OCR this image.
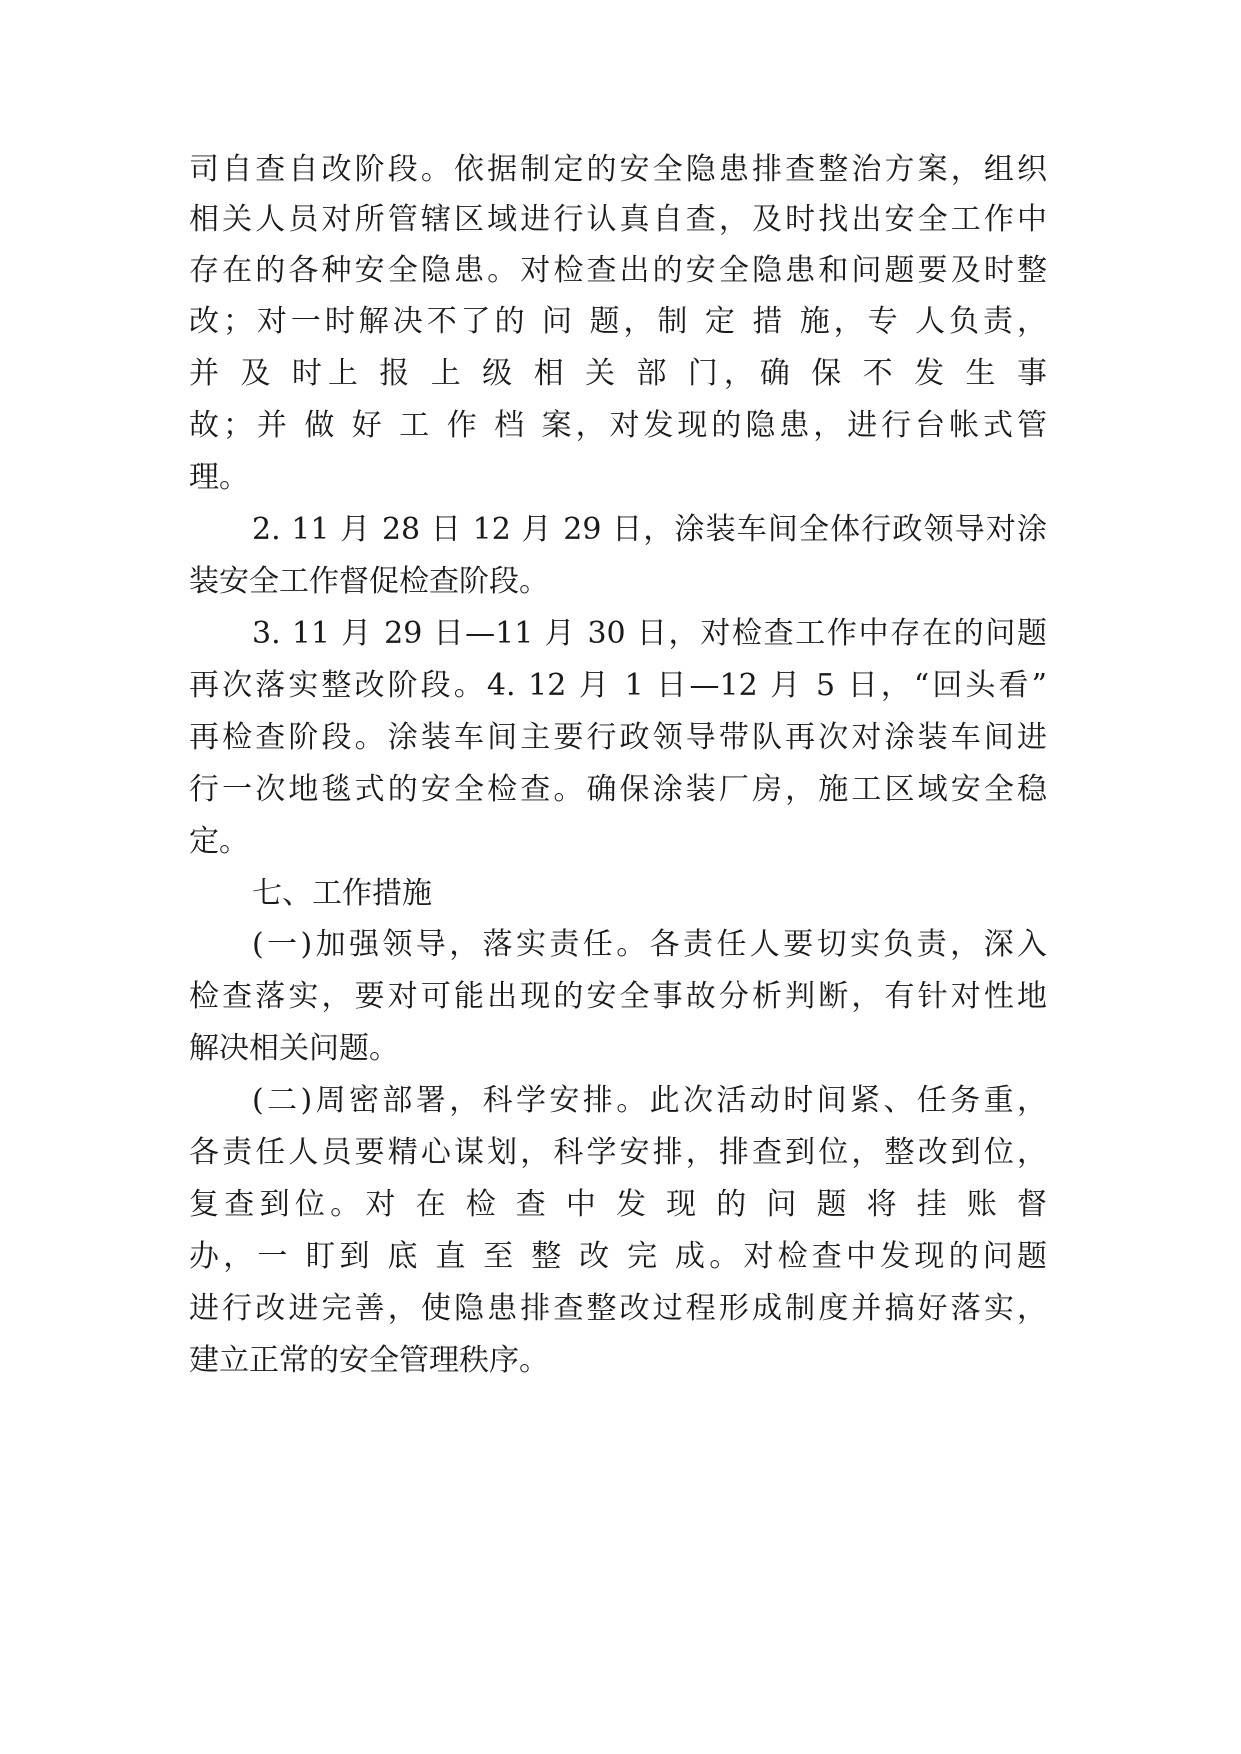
司自查自改阶段。依据制定的安全隐患排查整治方案，组织
相关人员对所管辖区域进行认真自查，及时找出安全工作中
存在的各种安全隐患。对检查出的安全隐患和问题要及时整
改；对一时解决不了的 问 题，制 定 措 施，专 人负责，
并 及 时上 报 上 级 相 关 部 门，确 保 不 发 生 事
故；并 做 好 工 作 档 案，对发现的隐患，进行台帐式管
理。
2. 11 月 28 日 12 月 29 日，涂装车间全体行政领导对涂
装安全工作督促检查阶段。
3. 11 月 29 日—11 月 30 日，对检查工作中存在的问题
再次落实整改阶段。4. 12 月 1 日—12 月 5 日，“回头看”
再检查阶段。涂装车间主要行政领导带队再次对涂装车间进
行一次地毯式的安全检查。确保涂装厂房，施工区域安全稳
定。
七、工作措施
(一)加强领导，落实责任。各责任人要切实负责，深入
检查落实，要对可能出现的安全事故分析判断，有针对性地
解决相关问题。
(二)周密部署，科学安排。此次活动时间紧、任务重，
各责任人员要精心谋划，科学安排，排查到位，整改到位，
复查到位。对 在 检 查 中 发 现 的 问 题 将 挂 账 督
办，一 盯到 底 直 至 整 改 完 成。对检查中发现的问题
进行改进完善，使隐患排查整改过程形成制度并搞好落实，
建立正常的安全管理秩序。
